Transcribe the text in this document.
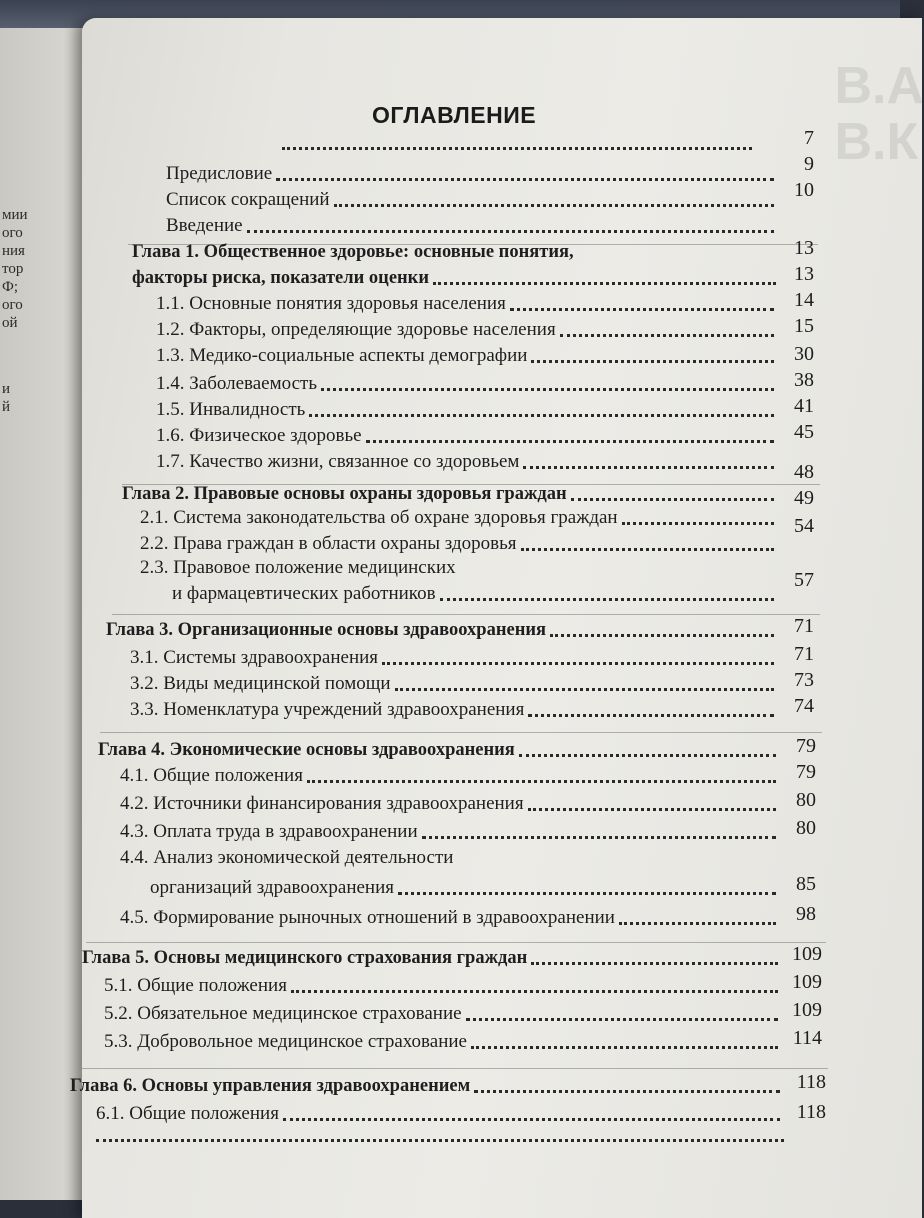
мии
ого
ния
тор
Ф;
ого
ой
и
й
В.А
В.К
ОГЛАВЛЕНИЕ
Предисловие
Список сокращений
Введение
Глава 1. Общественное здоровье: основные понятия,
факторы риска, показатели оценки
1.1. Основные понятия здоровья населения
1.2. Факторы, определяющие здоровье населения
1.3. Медико-социальные аспекты демографии
1.4. Заболеваемость
1.5. Инвалидность
1.6. Физическое здоровье
1.7. Качество жизни, связанное со здоровьем
Глава 2. Правовые основы охраны здоровья граждан
2.1. Система законодательства об охране здоровья граждан
2.2. Права граждан в области охраны здоровья
2.3. Правовое положение медицинских
и фармацевтических работников
Глава 3. Организационные основы здравоохранения
3.1. Системы здравоохранения
3.2. Виды медицинской помощи
3.3. Номенклатура учреждений здравоохранения
Глава 4. Экономические основы здравоохранения
4.1. Общие положения
4.2. Источники финансирования здравоохранения
4.3. Оплата труда в здравоохранении
4.4. Анализ экономической деятельности
организаций здравоохранения
4.5. Формирование рыночных отношений в здравоохранении
Глава 5. Основы медицинского страхования граждан
5.1. Общие положения
5.2. Обязательное медицинское страхование
5.3. Добровольное медицинское страхование
Глава 6. Основы управления здравоохранением
6.1. Общие положения
7
9
10
13
13
14
15
30
38
41
45
48
49
54
57
71
71
73
74
79
79
80
80
85
98
109
109
109
114
118
118
